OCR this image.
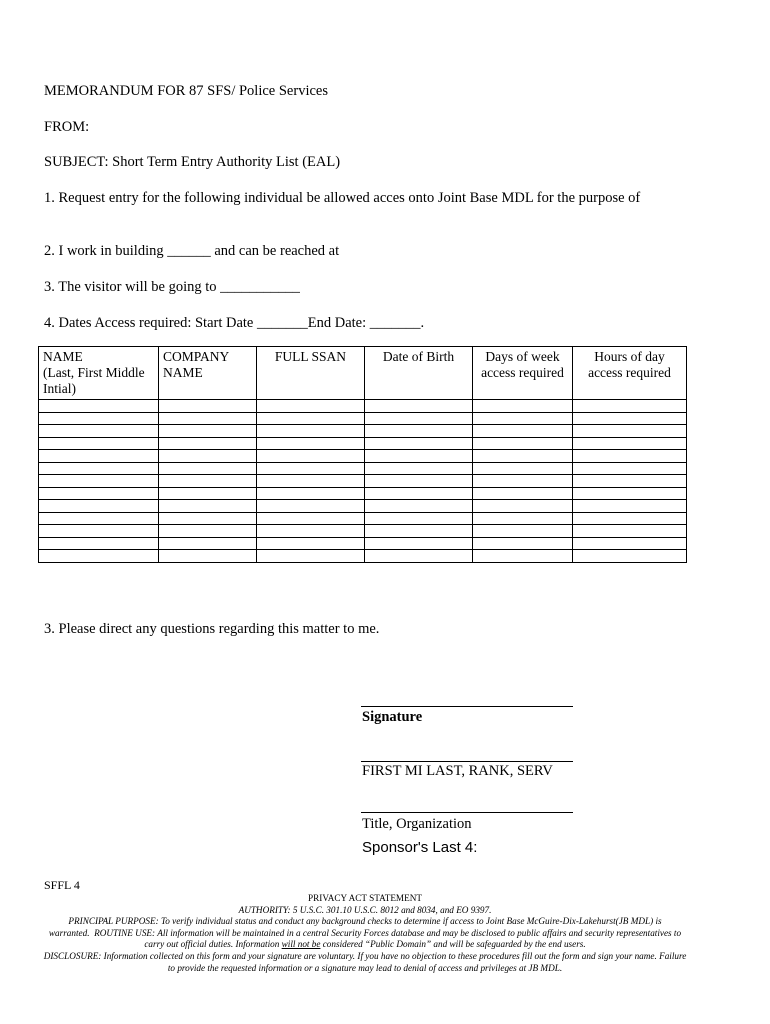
MEMORANDUM FOR 87 SFS/ Police Services
FROM:
SUBJECT: Short Term Entry Authority List (EAL)
1. Request entry for the following individual be allowed acces onto Joint Base MDL for the purpose of
2. I work in building ______ and can be reached at
3. The visitor will be going to ___________
4. Dates Access required: Start Date _______End Date: _______.
NAME
(Last, First Middle Intial)	COMPANY NAME	FULL SSAN	Date of Birth	Days of week access required	Hours of day access required

3. Please direct any questions regarding this matter to me.
Signature
FIRST MI LAST, RANK, SERV
Title, Organization
Sponsor's Last 4:
SFFL 4
PRIVACY ACT STATEMENT
AUTHORITY: 5 U.S.C. 301.10 U.S.C. 8012 and 8034, and EO 9397.
PRINCIPAL PURPOSE: To verify individual status and conduct any background checks to determine if access to Joint Base McGuire-Dix-Lakehurst(JB MDL) is warranted. ROUTINE USE: All information will be maintained in a central Security Forces database and may be disclosed to public affairs and security representatives to carry out official duties. Information will not be considered “Public Domain” and will be safeguarded by the end users.
DISCLOSURE: Information collected on this form and your signature are voluntary. If you have no objection to these procedures fill out the form and sign your name. Failure to provide the requested information or a signature may lead to denial of access and privileges at JB MDL.
